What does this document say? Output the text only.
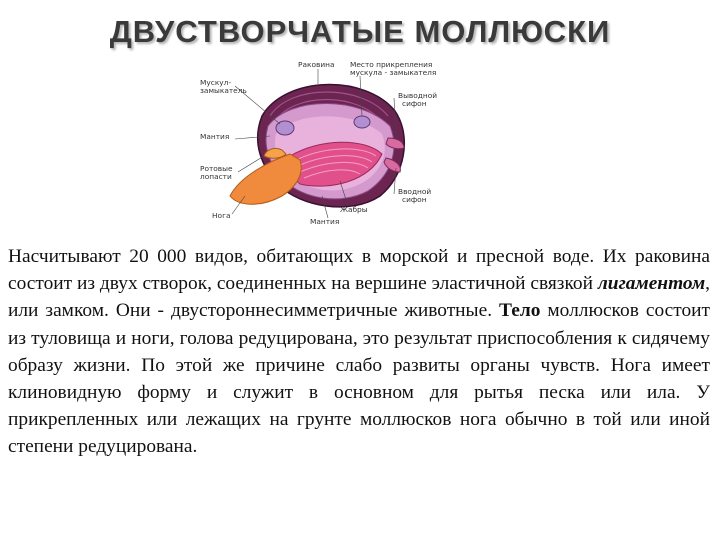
ДВУСТВОРЧАТЫЕ МОЛЛЮСКИ
Раковина Место прикрепления
мускула - замыкателя
Мускул-
замыкатель
Мантия
Ротовые
лопасти
Нога
Выводной
сифон
Вводной
сифон
Жабры
Мантия

Насчитывают 20 000 видов, обитающих в морской и пресной воде. Их раковина состоит из двух створок, соединенных на вершине эластичной связкой лигаментом, или замком. Они - двустороннесимметричные животные. Тело моллюсков состоит из туловища и ноги, голова редуцирована, это результат приспособления к сидячему образу жизни. По этой же причине слабо развиты органы чувств. Нога имеет клиновидную форму и служит в основном для рытья песка или ила. У прикрепленных или лежащих на грунте моллюсков нога обычно в той или иной степени редуцирована.
